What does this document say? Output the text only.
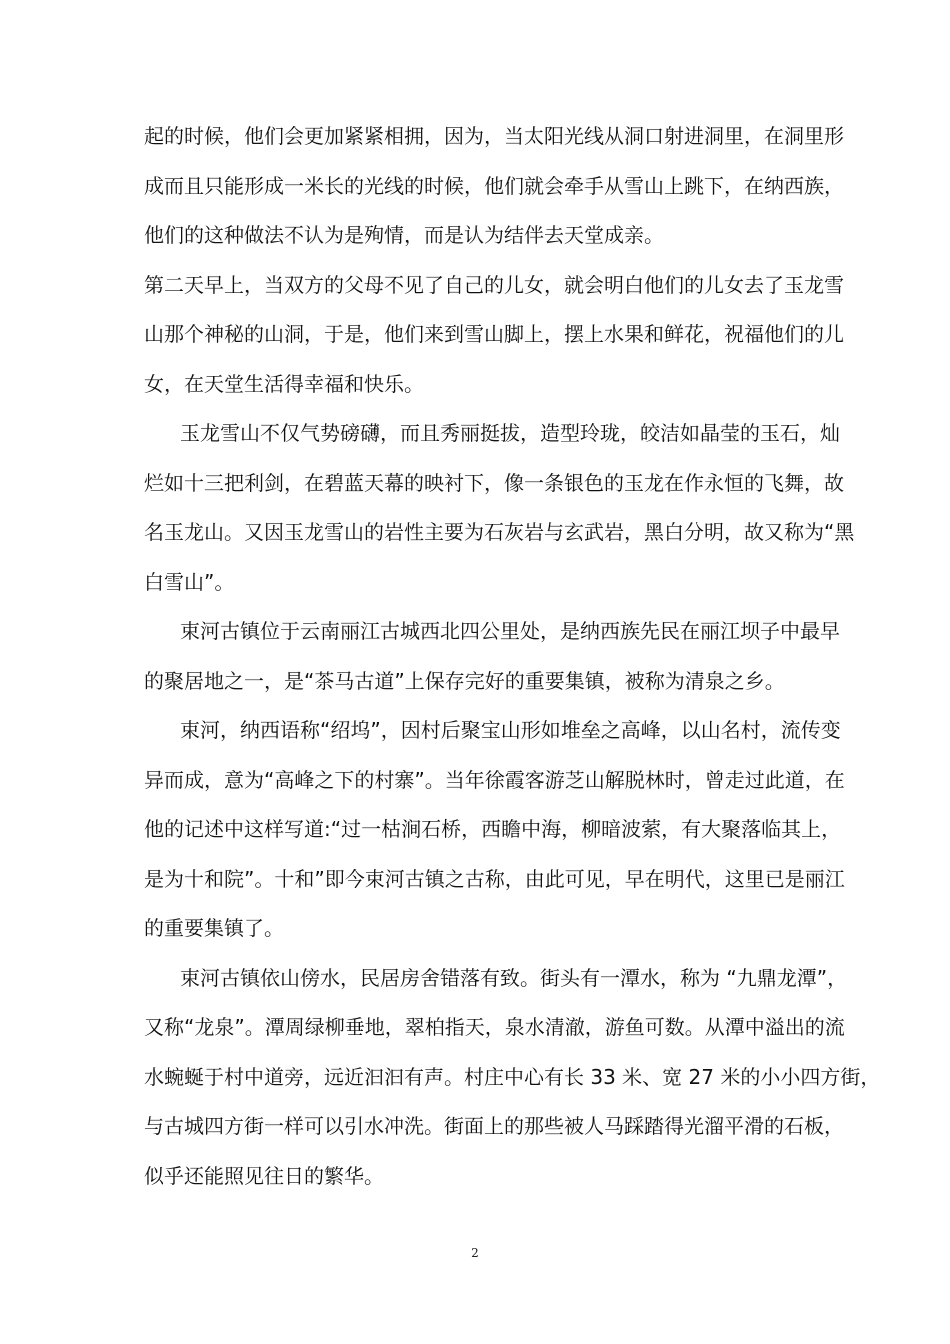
起的时候，他们会更加紧紧相拥，因为，当太阳光线从洞口射进洞里，在洞里形
成而且只能形成一米长的光线的时候，他们就会牵手从雪山上跳下，在纳西族，
他们的这种做法不认为是殉情，而是认为结伴去天堂成亲。
第二天早上，当双方的父母不见了自己的儿女，就会明白他们的儿女去了玉龙雪
山那个神秘的山洞，于是，他们来到雪山脚上，摆上水果和鲜花，祝福他们的儿
女，在天堂生活得幸福和快乐。
玉龙雪山不仅气势磅礴，而且秀丽挺拔，造型玲珑，皎洁如晶莹的玉石，灿
烂如十三把利剑，在碧蓝天幕的映衬下，像一条银色的玉龙在作永恒的飞舞，故
名玉龙山。又因玉龙雪山的岩性主要为石灰岩与玄武岩，黑白分明，故又称为“黑
白雪山”。
束河古镇位于云南丽江古城西北四公里处，是纳西族先民在丽江坝子中最早
的聚居地之一，是“茶马古道”上保存完好的重要集镇，被称为清泉之乡。
束河，纳西语称“绍坞”，因村后聚宝山形如堆垒之高峰，以山名村，流传变
异而成，意为“高峰之下的村寨”。当年徐霞客游芝山解脱林时，曾走过此道，在
他的记述中这样写道:“过一枯涧石桥，西瞻中海，柳暗波萦，有大聚落临其上，
是为十和院”。十和”即今束河古镇之古称，由此可见，早在明代，这里已是丽江
的重要集镇了。
束河古镇依山傍水，民居房舍错落有致。街头有一潭水，称为 “九鼎龙潭”，
又称“龙泉”。潭周绿柳垂地，翠柏指天，泉水清澈，游鱼可数。从潭中溢出的流
水蜿蜒于村中道旁，远近汩汩有声。村庄中心有长 33 米、宽 27 米的小小四方街，
与古城四方街一样可以引水冲洗。街面上的那些被人马踩踏得光溜平滑的石板，
似乎还能照见往日的繁华。
2
